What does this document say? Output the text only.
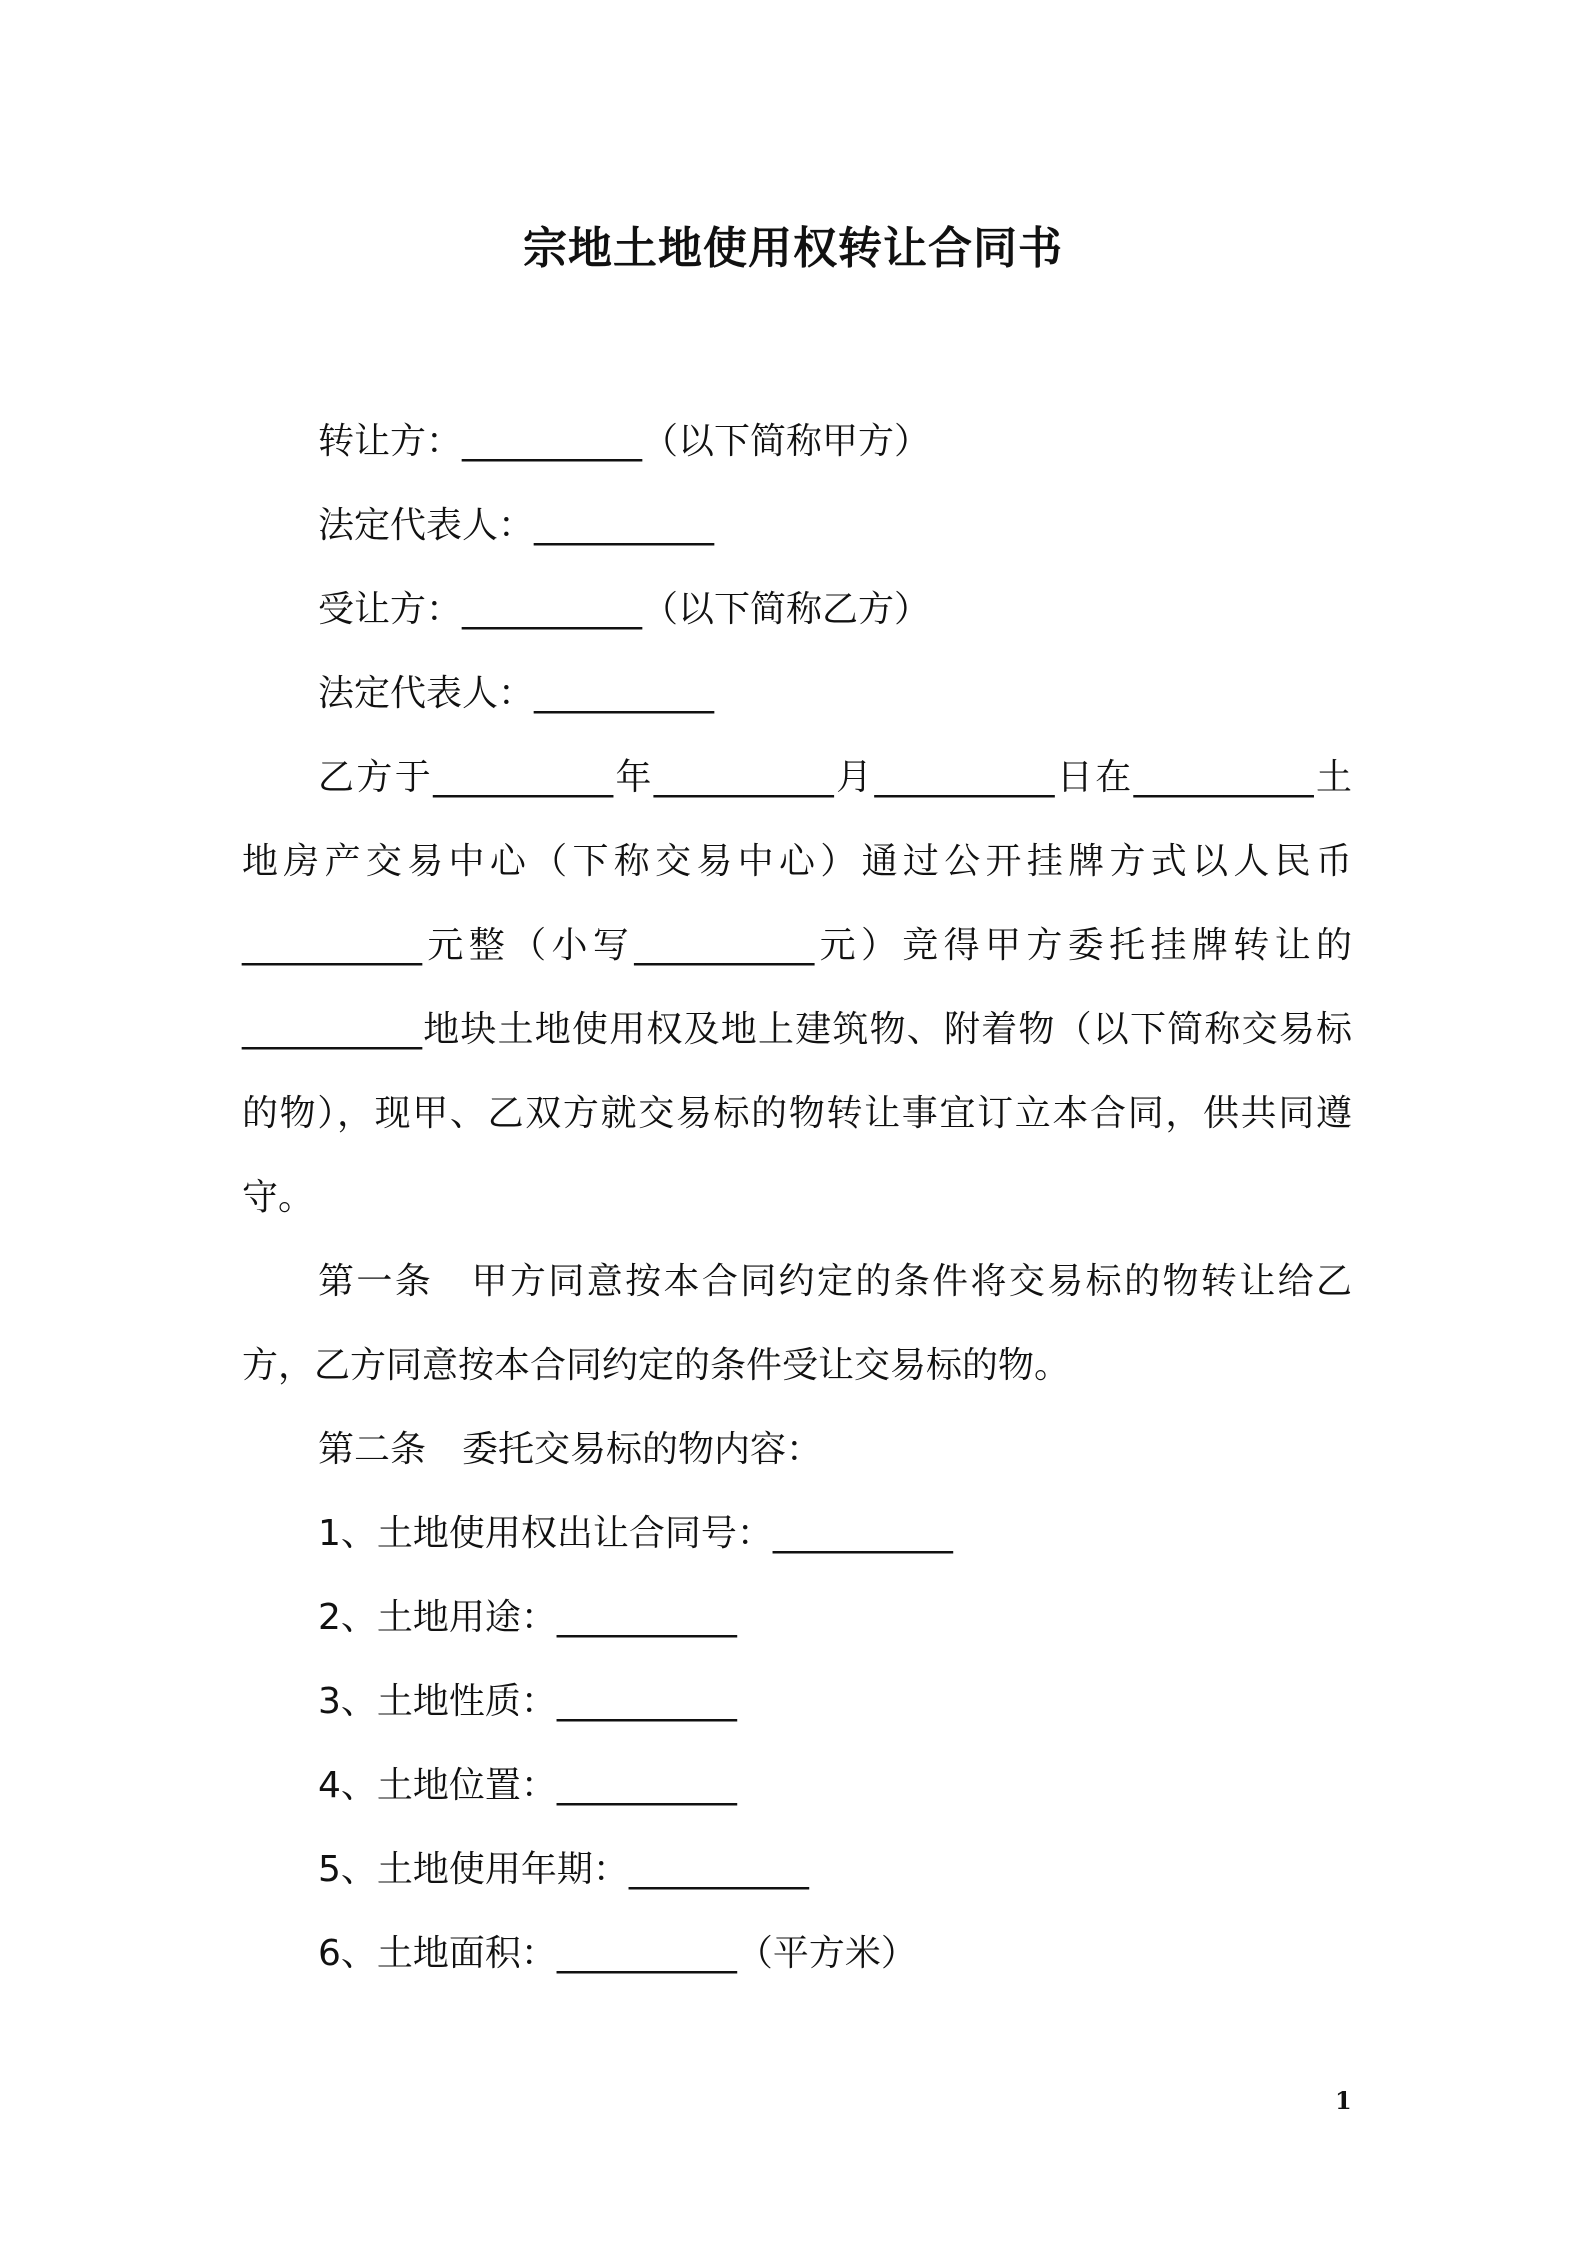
宗地土地使用权转让合同书

转让方：__________（以下简称甲方）

法定代表人：__________

受让方：__________（以下简称乙方）

法定代表人：__________

乙方于__________年__________月__________日在__________土地房产交易中心（下称交易中心）通过公开挂牌方式以人民币__________元整（小写__________元）竞得甲方委托挂牌转让的__________地块土地使用权及地上建筑物、附着物（以下简称交易标的物），现甲、乙双方就交易标的物转让事宜订立本合同，供共同遵守。

第一条　甲方同意按本合同约定的条件将交易标的物转让给乙方，乙方同意按本合同约定的条件受让交易标的物。

第二条　委托交易标的物内容：

1、土地使用权出让合同号：__________

2、土地用途：__________

3、土地性质：__________

4、土地位置：__________

5、土地使用年期：__________

6、土地面积：__________（平方米）

1
